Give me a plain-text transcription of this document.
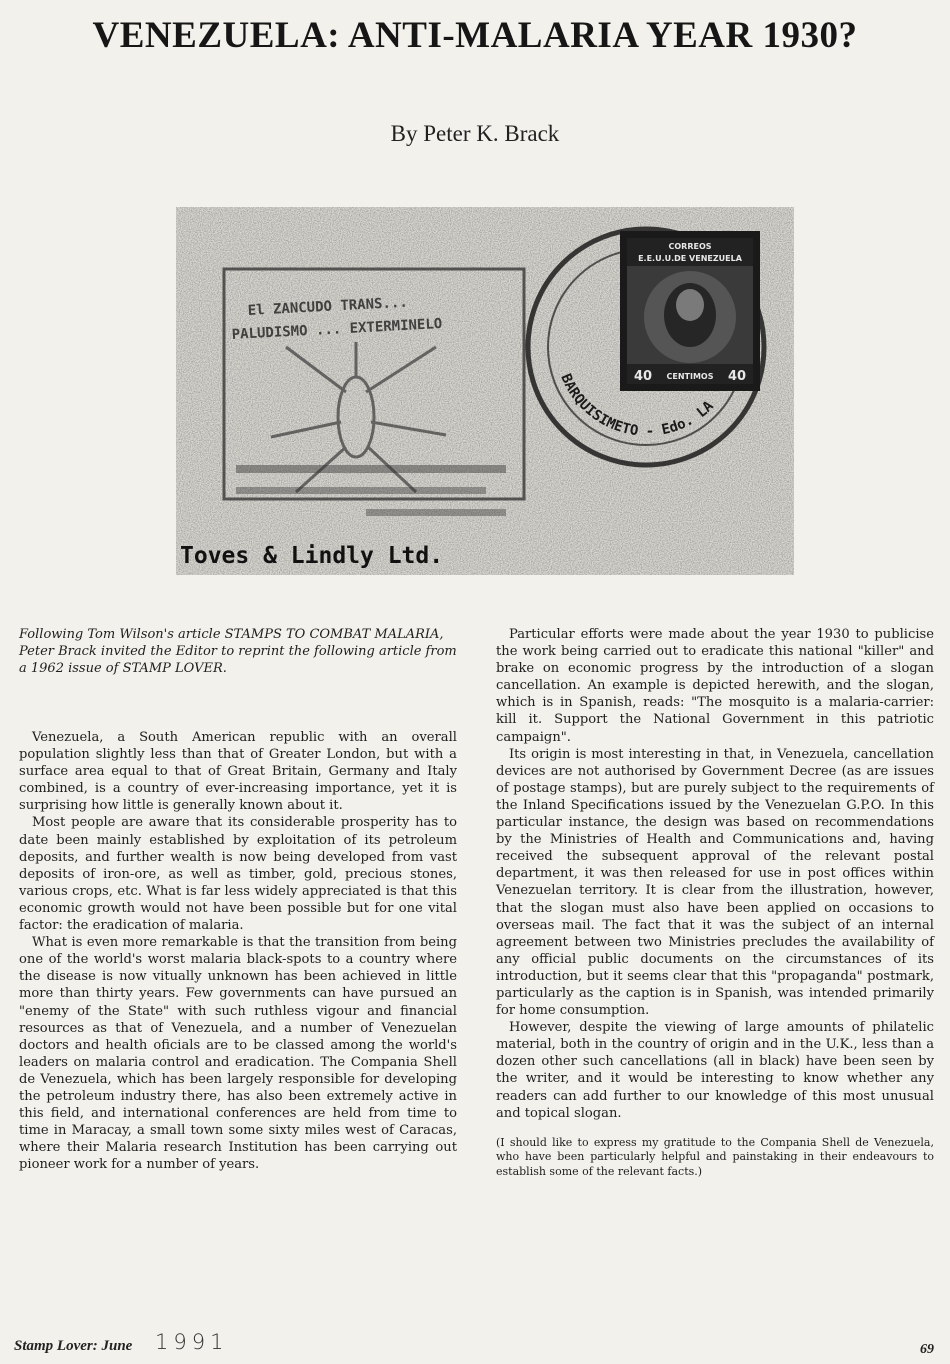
VENEZUELA: ANTI-MALARIA YEAR 1930?
By Peter K. Brack
El ZANCUDO TRANS...
PALUDISMO ... EXTERMINELO
Toves & Lindly Ltd.
BARQUISIMETO - Edo. LA
CORREOS
E.E.U.U.DE VENEZUELA
40 CENTIMOS 40

Following Tom Wilson's article STAMPS TO COMBAT MALARIA, Peter Brack invited the Editor to reprint the following article from a 1962 issue of STAMP LOVER.

Venezuela, a South American republic with an overall population slightly less than that of Greater London, but with a surface area equal to that of Great Britain, Germany and Italy combined, is a country of ever-increasing importance, yet it is surprising how little is generally known about it.

Most people are aware that its considerable prosperity has to date been mainly established by exploitation of its petroleum deposits, and further wealth is now being developed from vast deposits of iron-ore, as well as timber, gold, precious stones, various crops, etc. What is far less widely appreciated is that this economic growth would not have been possible but for one vital factor: the eradication of malaria.

What is even more remarkable is that the transition from being one of the world's worst malaria black-spots to a country where the disease is now vitually unknown has been achieved in little more than thirty years. Few governments can have pursued an "enemy of the State" with such ruthless vigour and financial resources as that of Venezuela, and a number of Venezuelan doctors and health oficials are to be classed among the world's leaders on malaria control and eradication. The Compania Shell de Venezuela, which has been largely responsible for developing the petroleum industry there, has also been extremely active in this field, and international conferences are held from time to time in Maracay, a small town some sixty miles west of Caracas, where their Malaria research Institution has been carrying out pioneer work for a number of years.

Particular efforts were made about the year 1930 to publicise the work being carried out to eradicate this national "killer" and brake on economic progress by the introduction of a slogan cancellation. An example is depicted herewith, and the slogan, which is in Spanish, reads: "The mosquito is a malaria-carrier: kill it. Support the National Government in this patriotic campaign".

Its origin is most interesting in that, in Venezuela, cancellation devices are not authorised by Government Decree (as are issues of postage stamps), but are purely subject to the requirements of the Inland Specifications issued by the Venezuelan G.P.O. In this particular instance, the design was based on recommendations by the Ministries of Health and Communications and, having received the subsequent approval of the relevant postal department, it was then released for use in post offices within Venezuelan territory. It is clear from the illustration, however, that the slogan must also have been applied on occasions to overseas mail. The fact that it was the subject of an internal agreement between two Ministries precludes the availability of any official public documents on the circumstances of its introduction, but it seems clear that this "propaganda" postmark, particularly as the caption is in Spanish, was intended primarily for home consumption.

However, despite the viewing of large amounts of philatelic material, both in the country of origin and in the U.K., less than a dozen other such cancellations (all in black) have been seen by the writer, and it would be interesting to know whether any readers can add further to our knowledge of this most unusual and topical slogan.

(I should like to express my gratitude to the Compania Shell de Venezuela, who have been particularly helpful and painstaking in their endeavours to establish some of the relevant facts.)

Stamp Lover: June 1991	69
